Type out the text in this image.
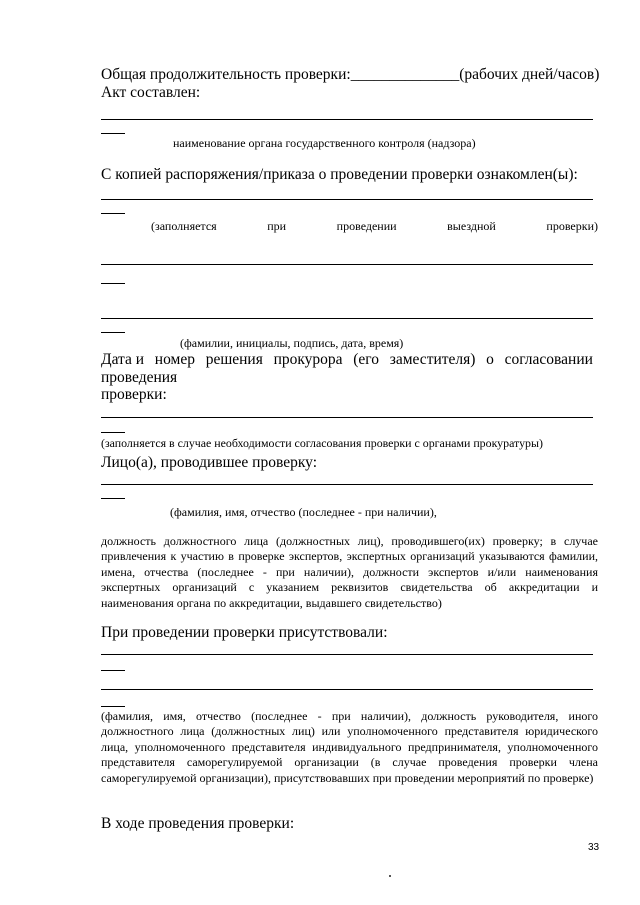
Общая продолжительность проверки:______________(рабочих дней/часов)
Акт составлен:
наименование органа государственного контроля (надзора)
С копией распоряжения/приказа о проведении проверки ознакомлен(ы):
(заполняется	при	проведении	выездной	проверки)
(фамилии, инициалы, подпись, дата, время)
Дата и номер решения прокурора (его заместителя) о согласовании
проведения
проверки:
(заполняется в случае необходимости согласования проверки с органами прокуратуры)
Лицо(а), проводившее проверку:
(фамилия, имя, отчество (последнее - при наличии),
должность должностного лица (должностных лиц), проводившего(их) проверку; в случае привлечения к участию в проверке экспертов, экспертных организаций указываются фамилии, имена, отчества (последнее - при наличии), должности экспертов и/или наименования экспертных организаций с указанием реквизитов свидетельства об аккредитации и наименования органа по аккредитации, выдавшего свидетельство)
При проведении проверки присутствовали:
(фамилия, имя, отчество (последнее - при наличии), должность руководителя, иного должностного лица (должностных лиц) или уполномоченного представителя юридического лица, уполномоченного представителя индивидуального предпринимателя, уполномоченного представителя саморегулируемой организации (в случае проведения проверки члена саморегулируемой организации), присутствовавших при проведении мероприятий по проверке)
В ходе проведения проверки:
33
